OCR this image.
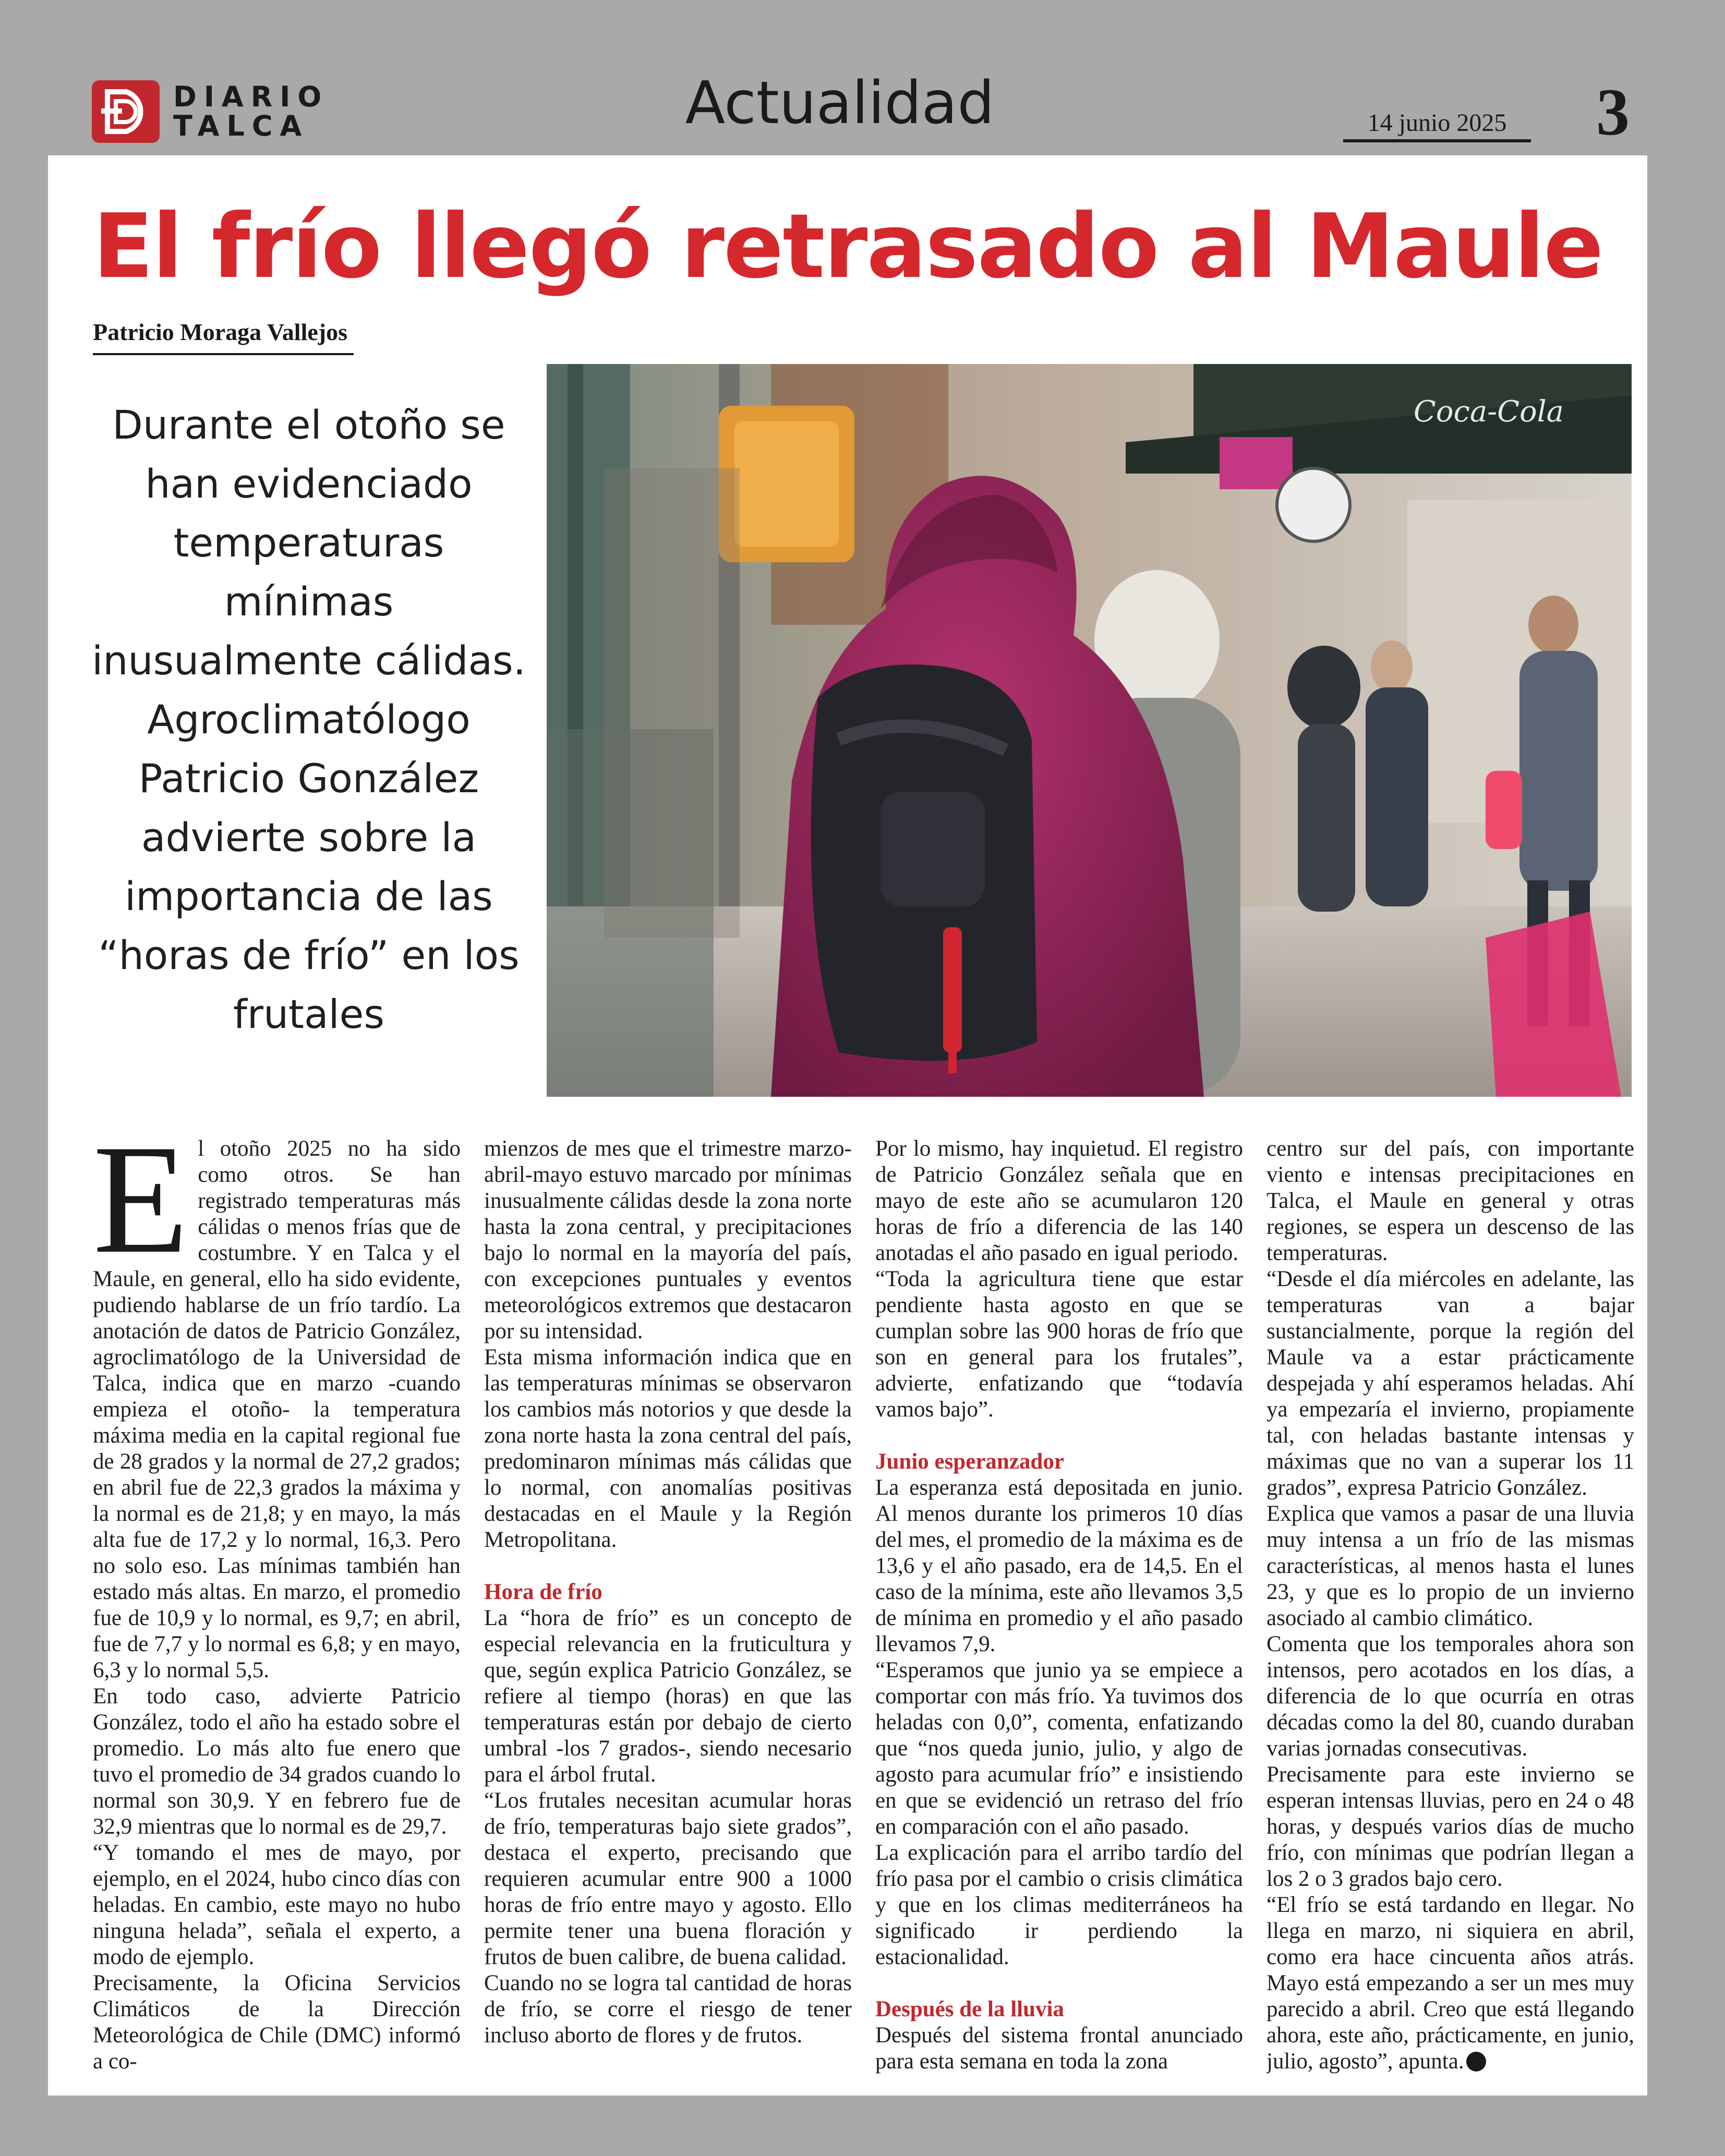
DIARIO
TALCA	Actualidad	14 junio 2025	3
El frío llegó retrasado al Maule
Patricio Moraga Vallejos
Durante el otoño se han evidenciado temperaturas mínimas inusualmente cálidas. Agroclimatólogo Patricio González advierte sobre la importancia de las “horas de frío” en los frutales
Coca-Cola
E l otoño 2025 no ha sido como otros. Se han registrado temperaturas más cálidas o menos frías que de costumbre. Y en Talca y el Maule, en general, ello ha sido evidente, pudiendo hablarse de un frío tardío. La anotación de datos de Patricio González, agroclimatólogo de la Universidad de Talca, indica que en marzo -cuando empieza el otoño- la temperatura máxima media en la capital regional fue de 28 grados y la normal de 27,2 grados; en abril fue de 22,3 grados la máxima y la normal es de 21,8; y en mayo, la más alta fue de 17,2 y lo normal, 16,3. Pero no solo eso. Las mínimas también han estado más altas. En marzo, el promedio fue de 10,9 y lo normal, es 9,7; en abril, fue de 7,7 y lo normal es 6,8; y en mayo, 6,3 y lo normal 5,5.

En todo caso, advierte Patricio González, todo el año ha estado sobre el promedio. Lo más alto fue enero que tuvo el promedio de 34 grados cuando lo normal son 30,9. Y en febrero fue de 32,9 mientras que lo normal es de 29,7.

“Y tomando el mes de mayo, por ejemplo, en el 2024, hubo cinco días con heladas. En cambio, este mayo no hubo ninguna helada”, señala el experto, a modo de ejemplo.

Precisamente, la Oficina Servicios Climáticos de la Dirección Meteorológica de Chile (DMC) informó a co-

mienzos de mes que el trimestre marzo-abril-mayo estuvo marcado por mínimas inusualmente cálidas desde la zona norte hasta la zona central, y precipitaciones bajo lo normal en la mayoría del país, con excepciones puntuales y eventos meteorológicos extremos que destacaron por su intensidad.

Esta misma información indica que en las temperaturas mínimas se observaron los cambios más notorios y que desde la zona norte hasta la zona central del país, predominaron mínimas más cálidas que lo normal, con anomalías positivas destacadas en el Maule y la Región Metropolitana.

Hora de frío

La “hora de frío” es un concepto de especial relevancia en la fruticultura y que, según explica Patricio González, se refiere al tiempo (horas) en que las temperaturas están por debajo de cierto umbral -los 7 grados-, siendo necesario para el árbol frutal.

“Los frutales necesitan acumular horas de frío, temperaturas bajo siete grados”, destaca el experto, precisando que requieren acumular entre 900 a 1000 horas de frío entre mayo y agosto. Ello permite tener una buena floración y frutos de buen calibre, de buena calidad.

Cuando no se logra tal cantidad de horas de frío, se corre el riesgo de tener incluso aborto de flores y de frutos.

Por lo mismo, hay inquietud. El registro de Patricio González señala que en mayo de este año se acumularon 120 horas de frío a diferencia de las 140 anotadas el año pasado en igual periodo.

“Toda la agricultura tiene que estar pendiente hasta agosto en que se cumplan sobre las 900 horas de frío que son en general para los frutales”, advierte, enfatizando que “todavía vamos bajo”.

Junio esperanzador

La esperanza está depositada en junio. Al menos durante los primeros 10 días del mes, el promedio de la máxima es de 13,6 y el año pasado, era de 14,5. En el caso de la mínima, este año llevamos 3,5 de mínima en promedio y el año pasado llevamos 7,9.

“Esperamos que junio ya se empiece a comportar con más frío. Ya tuvimos dos heladas con 0,0”, comenta, enfatizando que “nos queda junio, julio, y algo de agosto para acumular frío” e insistiendo en que se evidenció un retraso del frío en comparación con el año pasado.

La explicación para el arribo tardío del frío pasa por el cambio o crisis climática y que en los climas mediterráneos ha significado ir perdiendo la estacionalidad.

Después de la lluvia

Después del sistema frontal anunciado para esta semana en toda la zona

centro sur del país, con importante viento e intensas precipitaciones en Talca, el Maule en general y otras regiones, se espera un descenso de las temperaturas.

“Desde el día miércoles en adelante, las temperaturas van a bajar sustancialmente, porque la región del Maule va a estar prácticamente despejada y ahí esperamos heladas. Ahí ya empezaría el invierno, propiamente tal, con heladas bastante intensas y máximas que no van a superar los 11 grados”, expresa Patricio González.

Explica que vamos a pasar de una lluvia muy intensa a un frío de las mismas características, al menos hasta el lunes 23, y que es lo propio de un invierno asociado al cambio climático.

Comenta que los temporales ahora son intensos, pero acotados en los días, a diferencia de lo que ocurría en otras décadas como la del 80, cuando duraban varias jornadas consecutivas.

Precisamente para este invierno se esperan intensas lluvias, pero en 24 o 48 horas, y después varios días de mucho frío, con mínimas que podrían llegan a los 2 o 3 grados bajo cero.

“El frío se está tardando en llegar. No llega en marzo, ni siquiera en abril, como era hace cincuenta años atrás. Mayo está empezando a ser un mes muy parecido a abril. Creo que está llegando ahora, este año, prácticamente, en junio, julio, agosto”, apunta.
